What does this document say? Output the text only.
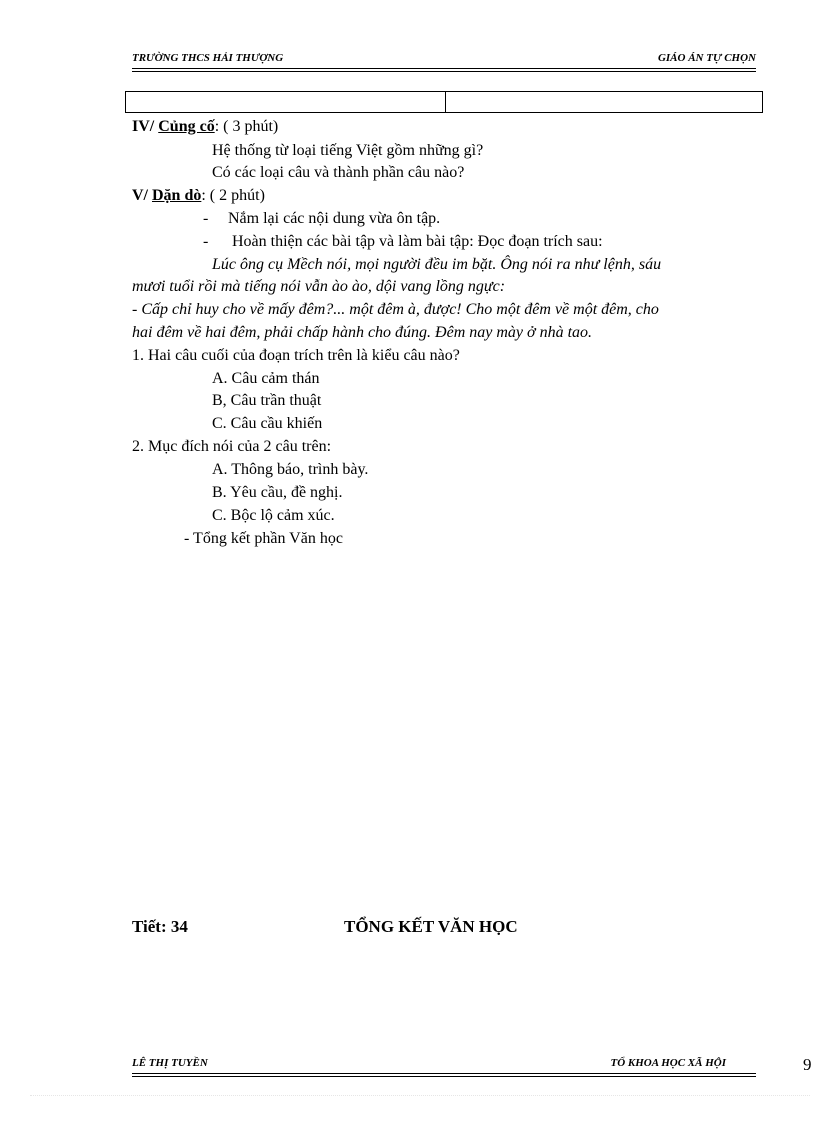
TRƯỜNG THCS HẢI THƯỢNG	GIÁO ÁN TỰ CHỌN
IV/ Củng cố: ( 3 phút)
Hệ thống từ loại tiếng Việt gồm những gì?
Có các loại câu và thành phần câu nào?
V/ Dặn dò: ( 2 phút)
- Nắm lại các nội dung vừa ôn tập.
- Hoàn thiện các bài tập và làm bài tập: Đọc đoạn trích sau:
Lúc ông cụ Mềch nói, mọi người đều im bặt. Ông nói ra như lệnh, sáu
mươi tuổi rồi mà tiếng nói vẫn ào ào, dội vang lồng ngực:
- Cấp chỉ huy cho về mấy đêm?... một đêm à, được! Cho một đêm về một đêm, cho
hai đêm về hai đêm, phải chấp hành cho đúng. Đêm nay mày ở nhà tao.
1. Hai câu cuối của đoạn trích trên là kiểu câu nào?
A. Câu cảm thán
B, Câu trần thuật
C. Câu cầu khiến
2. Mục đích nói của 2 câu trên:
A. Thông báo, trình bày.
B. Yêu cầu, đề nghị.
C. Bộc lộ cảm xúc.
- Tổng kết phần Văn học
Tiết: 34	TỔNG KẾT VĂN HỌC
LÊ THỊ TUYỀN	TỔ KHOA HỌC XÃ HỘI	9
